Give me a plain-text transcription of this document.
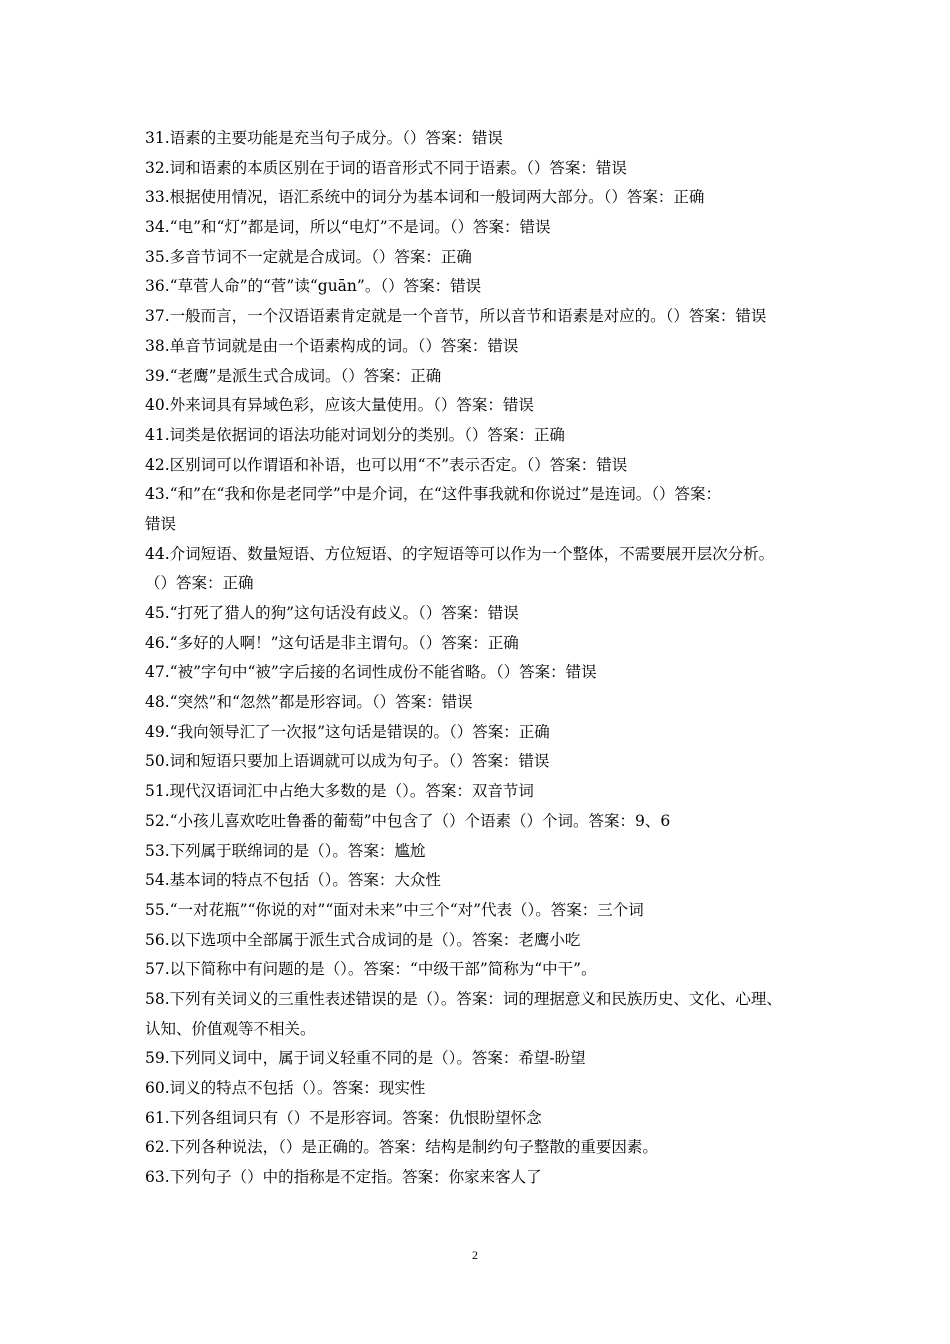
31.语素的主要功能是充当句子成分。（）答案：错误
32.词和语素的本质区别在于词的语音形式不同于语素。（）答案：错误
33.根据使用情况，语汇系统中的词分为基本词和一般词两大部分。（）答案：正确
34.“电”和“灯”都是词，所以“电灯”不是词。（）答案：错误
35.多音节词不一定就是合成词。（）答案：正确
36.“草菅人命”的“菅”读“guān”。（）答案：错误
37.一般而言，一个汉语语素肯定就是一个音节，所以音节和语素是对应的。（）答案：错误
38.单音节词就是由一个语素构成的词。（）答案：错误
39.“老鹰”是派生式合成词。（）答案：正确
40.外来词具有异域色彩，应该大量使用。（）答案：错误
41.词类是依据词的语法功能对词划分的类别。（）答案：正确
42.区别词可以作谓语和补语，也可以用“不”表示否定。（）答案：错误
43.“和”在“我和你是老同学”中是介词，在“这件事我就和你说过”是连词。（）答案：
错误
44.介词短语、数量短语、方位短语、的字短语等可以作为一个整体，不需要展开层次分析。
（）答案：正确
45.“打死了猎人的狗”这句话没有歧义。（）答案：错误
46.“多好的人啊！”这句话是非主谓句。（）答案：正确
47.“被”字句中“被”字后接的名词性成份不能省略。（）答案：错误
48.“突然”和“忽然”都是形容词。（）答案：错误
49.“我向领导汇了一次报”这句话是错误的。（）答案：正确
50.词和短语只要加上语调就可以成为句子。（）答案：错误
51.现代汉语词汇中占绝大多数的是（）。答案：双音节词
52.“小孩儿喜欢吃吐鲁番的葡萄”中包含了（）个语素（）个词。答案：9、6
53.下列属于联绵词的是（）。答案：尴尬
54.基本词的特点不包括（）。答案：大众性
55.“一对花瓶”“你说的对”“面对未来”中三个“对”代表（）。答案：三个词
56.以下选项中全部属于派生式合成词的是（）。答案：老鹰小吃
57.以下简称中有问题的是（）。答案：“中级干部”简称为“中干”。
58.下列有关词义的三重性表述错误的是（）。答案：词的理据意义和民族历史、文化、心理、
认知、价值观等不相关。
59.下列同义词中，属于词义轻重不同的是（）。答案：希望-盼望
60.词义的特点不包括（）。答案：现实性
61.下列各组词只有（）不是形容词。答案：仇恨盼望怀念
62.下列各种说法，（）是正确的。答案：结构是制约句子整散的重要因素。
63.下列句子（）中的指称是不定指。答案：你家来客人了
2
